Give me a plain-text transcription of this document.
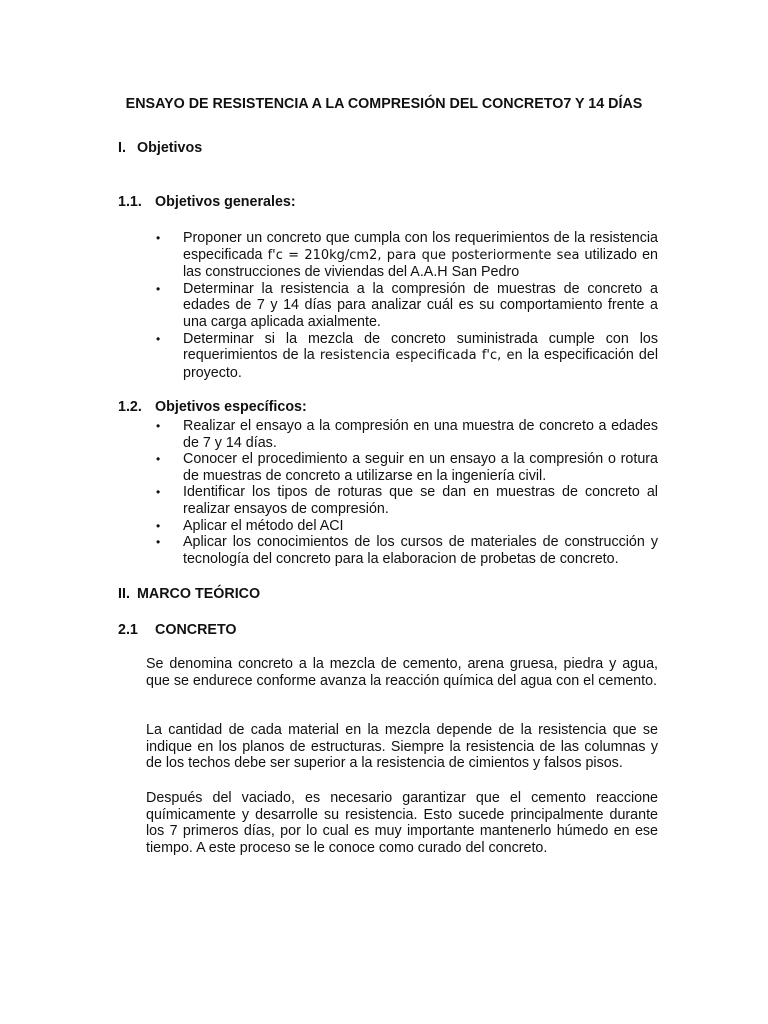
ENSAYO DE RESISTENCIA A LA COMPRESIÓN DEL CONCRETO7 Y 14 DÍAS
I. Objetivos
1.1. Objetivos generales:
• Proponer un concreto que cumpla con los requerimientos de la resistencia especificada f'c = 210kg/cm2, para que posteriormente sea utilizado en las construcciones de viviendas del A.A.H San Pedro
• Determinar la resistencia a la compresión de muestras de concreto a edades de 7 y 14 días para analizar cuál es su comportamiento frente a una carga aplicada axialmente.
• Determinar si la mezcla de concreto suministrada cumple con los requerimientos de la resistencia especificada f'c, en la especificación del proyecto.
1.2. Objetivos específicos:
• Realizar el ensayo a la compresión en una muestra de concreto a edades de 7 y 14 días.
• Conocer el procedimiento a seguir en un ensayo a la compresión o rotura de muestras de concreto a utilizarse en la ingeniería civil.
• Identificar los tipos de roturas que se dan en muestras de concreto al realizar ensayos de compresión.
• Aplicar el método del ACI
• Aplicar los conocimientos de los cursos de materiales de construcción y tecnología del concreto para la elaboracion de probetas de concreto.
II. MARCO TEÓRICO
2.1 CONCRETO

Se denomina concreto a la mezcla de cemento, arena gruesa, piedra y agua, que se endurece conforme avanza la reacción química del agua con el cemento.

La cantidad de cada material en la mezcla depende de la resistencia que se indique en los planos de estructuras. Siempre la resistencia de las columnas y de los techos debe ser superior a la resistencia de cimientos y falsos pisos.

Después del vaciado, es necesario garantizar que el cemento reaccione químicamente y desarrolle su resistencia. Esto sucede principalmente durante los 7 primeros días, por lo cual es muy importante mantenerlo húmedo en ese tiempo. A este proceso se le conoce como curado del concreto.
